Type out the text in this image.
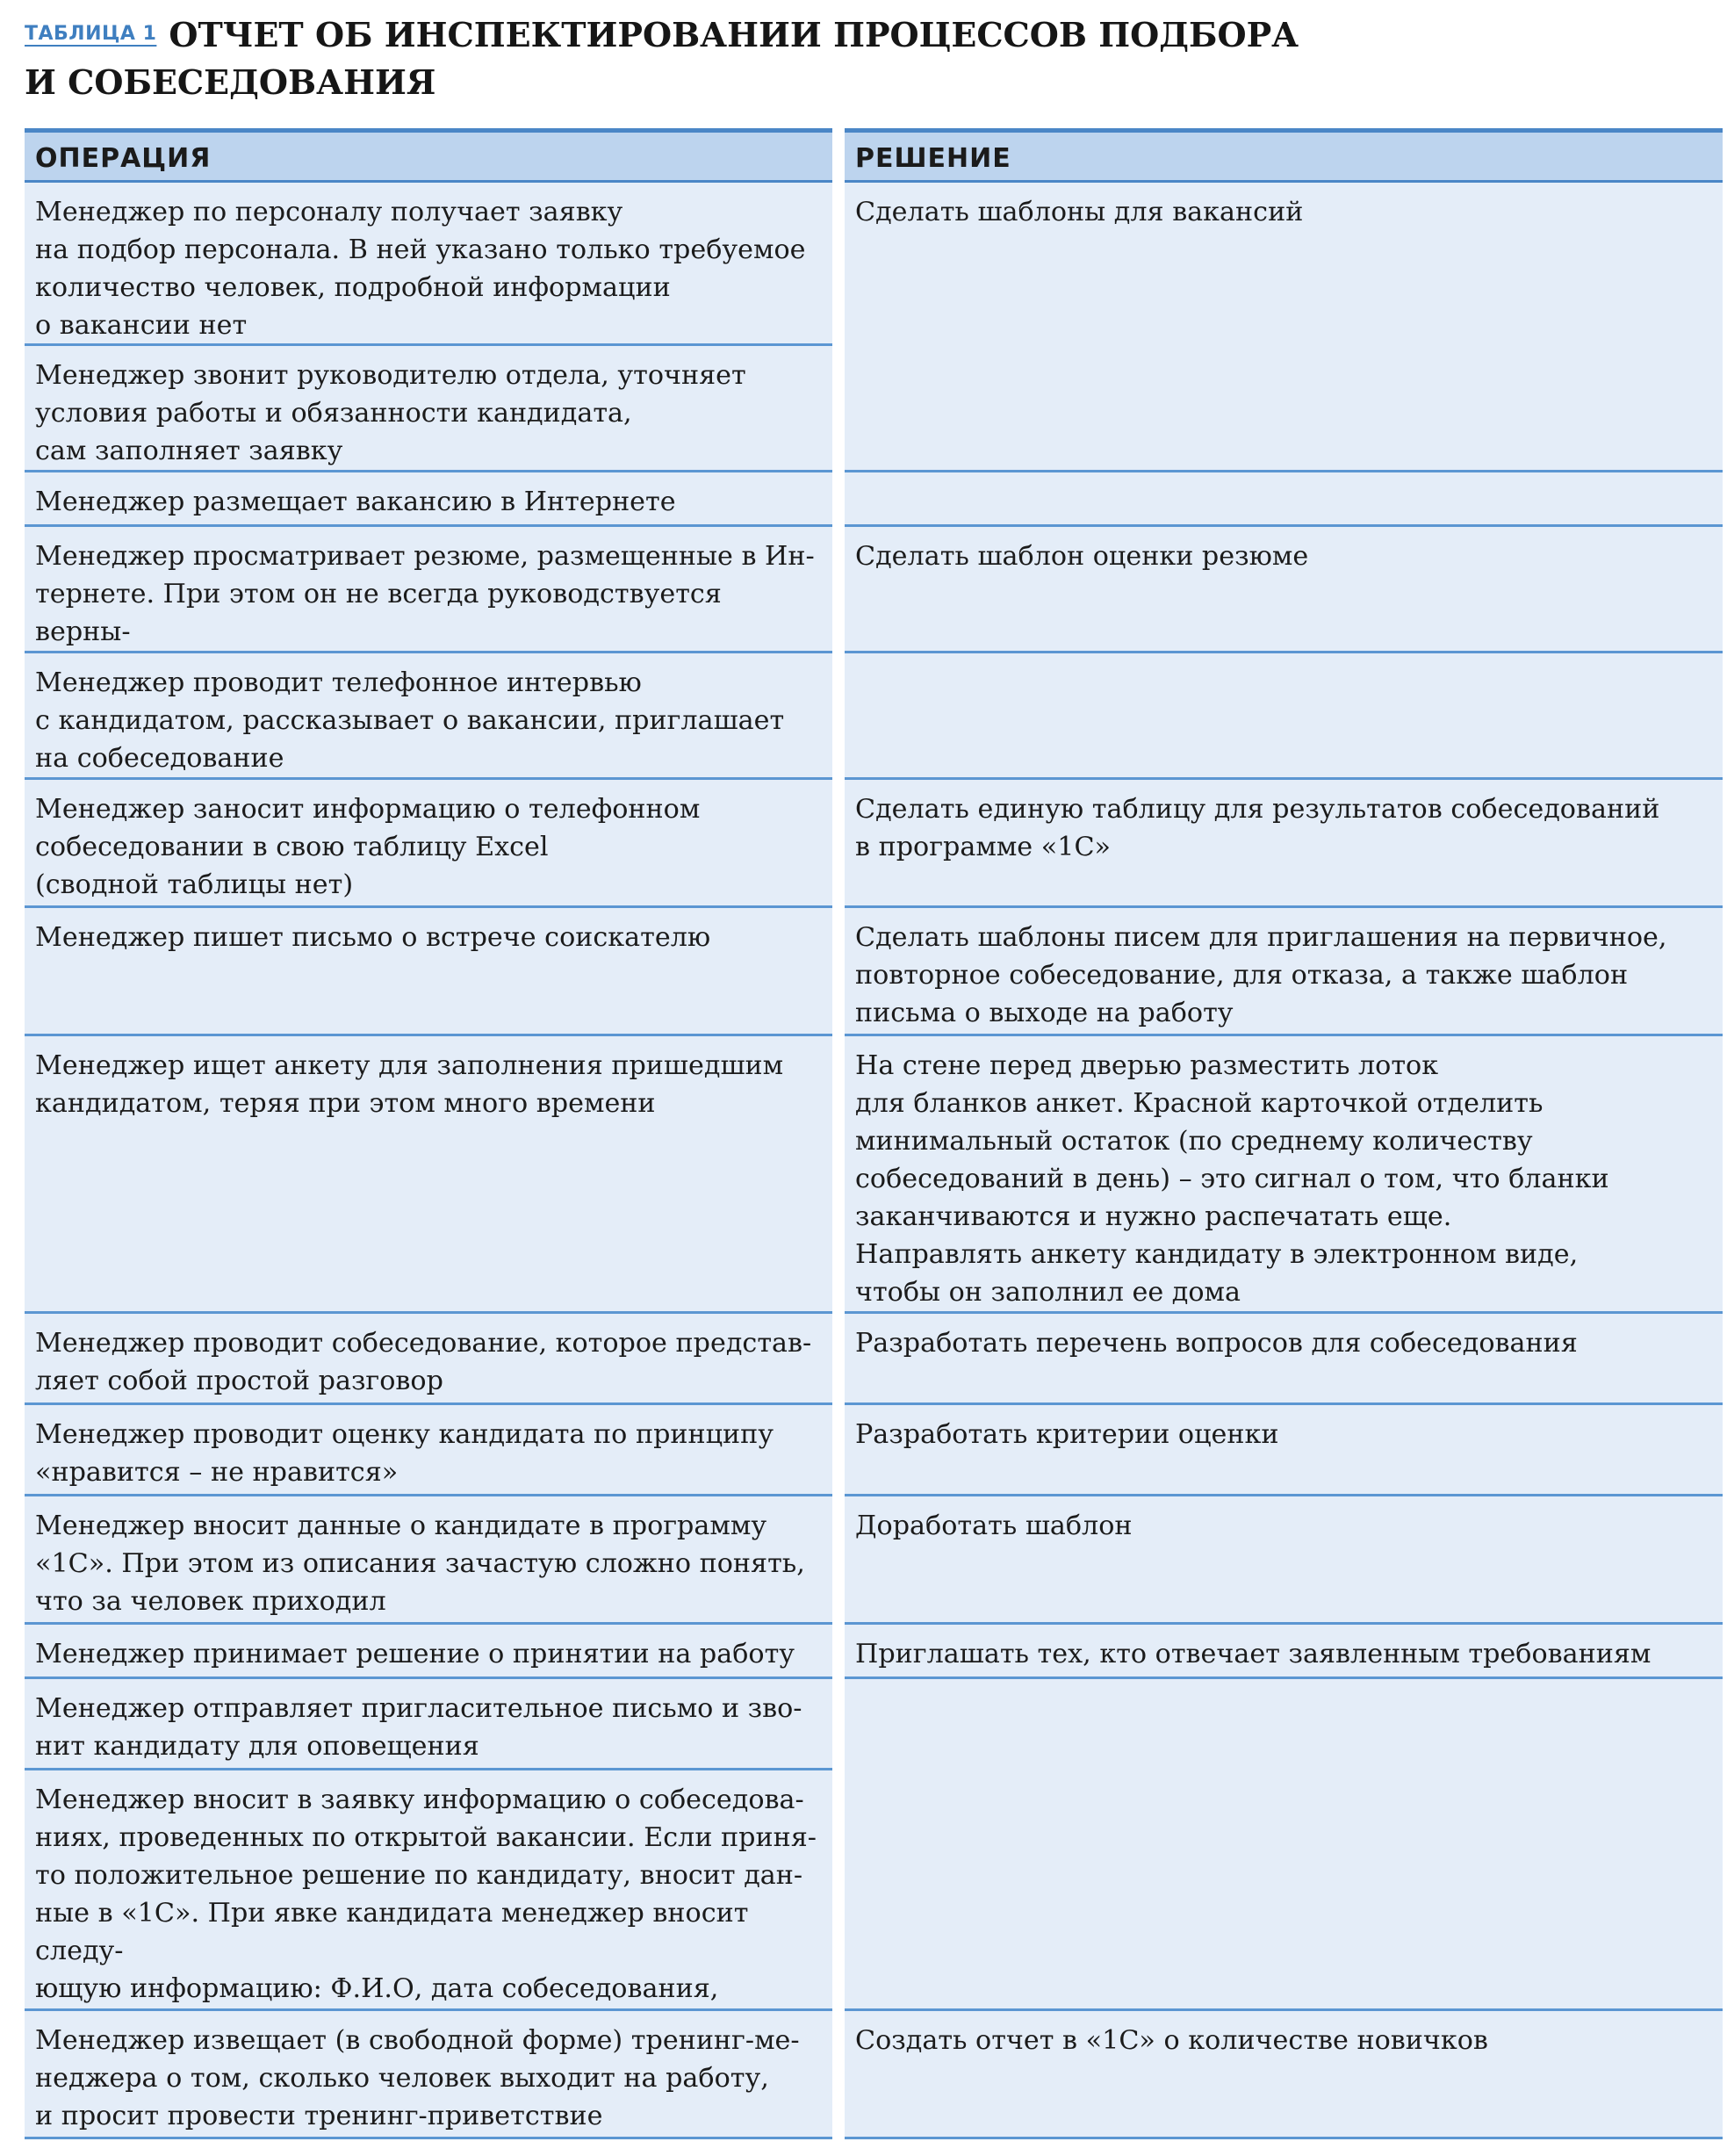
$^{ТАБЛИЦА 1}$ ОТЧЕТ ОБ ИНСПЕКТИРОВАНИИ ПРОЦЕССОВ ПОДБОРА
И СОБЕСЕДОВАНИЯ
ОПЕРАЦИЯ	РЕШЕНИЕ
Менеджер по персоналу получает заявку
на подбор персонала. В ней указано только требуемое
количество человек, подробной информации
о вакансии нет
Менеджер звонит руководителю отдела, уточняет
условия работы и обязанности кандидата,
сам заполняет заявку
Менеджер размещает вакансию в Интернете
Менеджер просматривает резюме, размещенные в Ин-
тернете. При этом он не всегда руководствуется верны-

Менеджер проводит телефонное интервью
с кандидатом, рассказывает о вакансии, приглашает
на собеседование
Менеджер заносит информацию о телефонном
собеседовании в свою таблицу Excel
(сводной таблицы нет)
Менеджер пишет письмо о встрече соискателю
Менеджер ищет анкету для заполнения пришедшим
кандидатом, теряя при этом много времени
Менеджер проводит собеседование, которое представ-
ляет собой простой разговор
Менеджер проводит оценку кандидата по принципу
«нравится – не нравится»
Менеджер вносит данные о кандидате в программу
«1С». При этом из описания зачастую сложно понять,
что за человек приходил
Менеджер принимает решение о принятии на работу
Менеджер отправляет пригласительное письмо и зво-
нит кандидату для оповещения
Менеджер вносит в заявку информацию о собеседова-
ниях, проведенных по открытой вакансии. Если приня-
то положительное решение по кандидату, вносит дан-
ные в «1С». При явке кандидата менеджер вносит следу-
ющую информацию: Ф.И.О, дата собеседования,

Менеджер извещает (в свободной форме) тренинг-ме-
неджера о том, сколько человек выходит на работу,
и просит провести тренинг-приветствие
Сделать шаблоны для вакансий
Сделать шаблон оценки резюме
Сделать единую таблицу для результатов собеседований
в программе «1С»
Сделать шаблоны писем для приглашения на первичное,
повторное собеседование, для отказа, а также шаблон
письма о выходе на работу
На стене перед дверью разместить лоток
для бланков анкет. Красной карточкой отделить
минимальный остаток (по среднему количеству
собеседований в день) – это сигнал о том, что бланки
заканчиваются и нужно распечатать еще.
Направлять анкету кандидату в электронном виде,
чтобы он заполнил ее дома
Разработать перечень вопросов для собеседования
Разработать критерии оценки
Доработать шаблон
Приглашать тех, кто отвечает заявленным требованиям
Создать отчет в «1С» о количестве новичков
